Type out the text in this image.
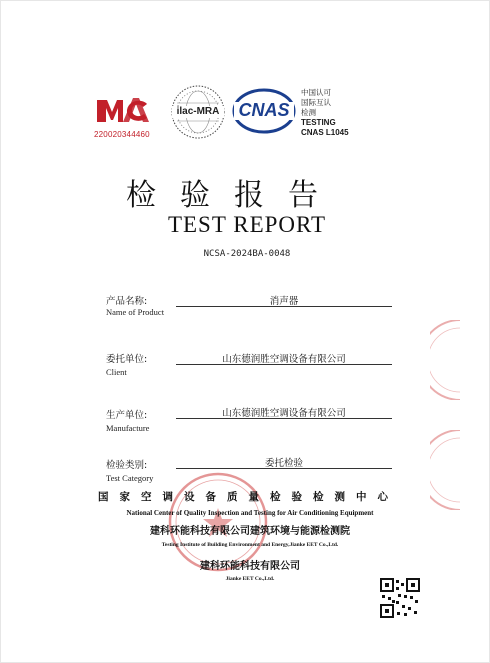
220020344460
ilac-MRA	CNAS
中国认可
国际互认
检测
TESTING
CNAS L1045
检验报告
TEST REPORT
NCSA-2024BA-0048
产品名称:
Name of Product
消声器
委托单位:
Client
山东德润胜空调设备有限公司
生产单位:
Manufacture
山东德润胜空调设备有限公司
检验类别:
Test Category
委托检验
国家空调设备质量检验检测中心
National Center of Quality Inspection and Testing for Air Conditioning Equipment
建科环能科技有限公司建筑环境与能源检测院
Testing Institute of Building Environment and Energy,Jianke EET Co.,Ltd.
建科环能科技有限公司
Jianke EET Co.,Ltd.
